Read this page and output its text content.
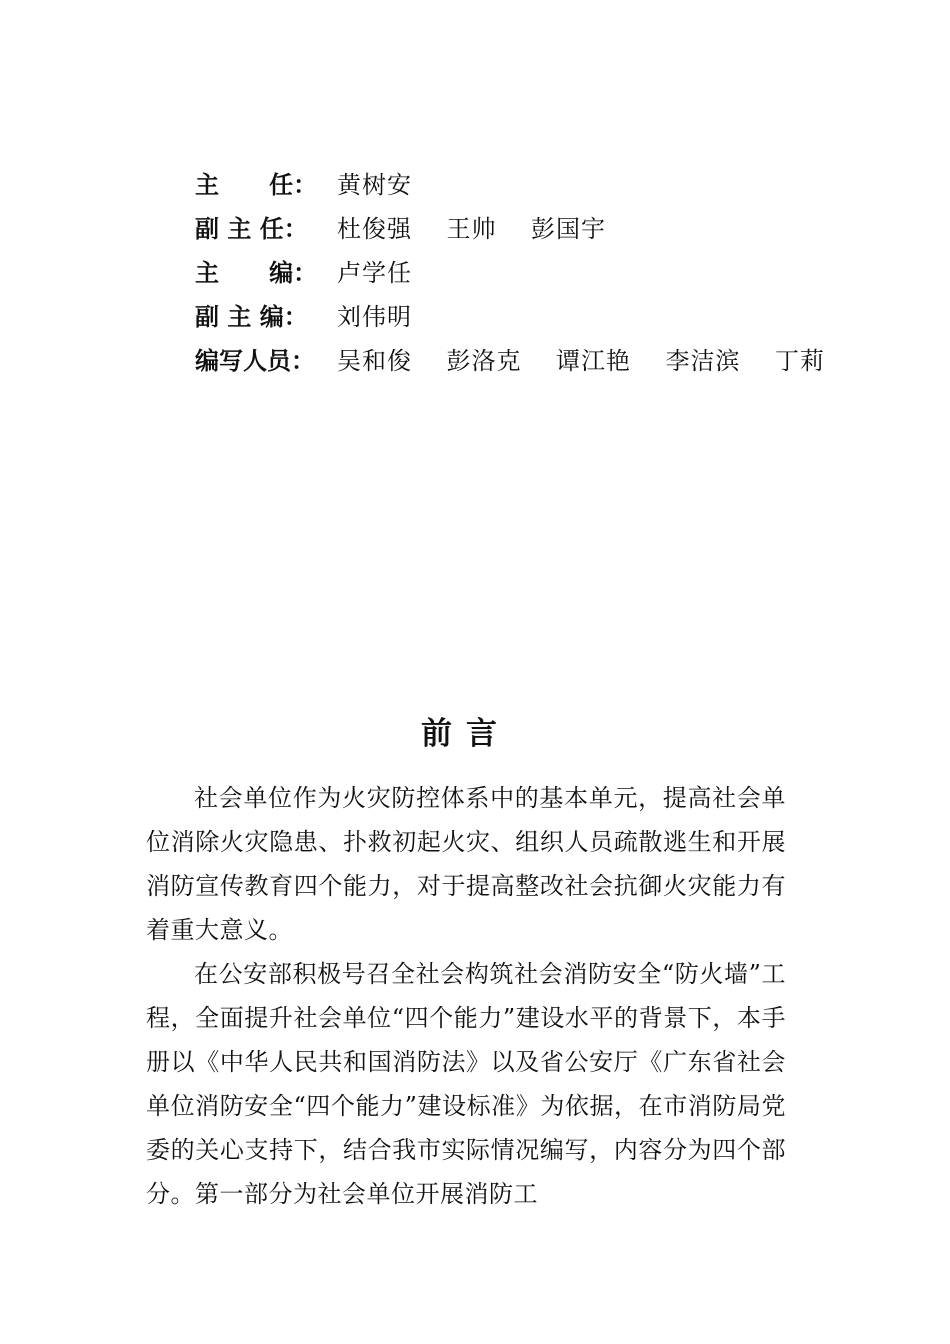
主      任： 黄树安
副 主 任：	杜俊强    王帅    彭国宇
主      编： 卢学任
副 主 编：	刘伟明
编写人员： 吴和俊    彭洛克    谭江艳    李洁滨    丁莉
前言

社会单位作为火灾防控体系中的基本单元，提高社会单位消除火灾隐患、扑救初起火灾、组织人员疏散逃生和开展消防宣传教育四个能力，对于提高整改社会抗御火灾能力有着重大意义。

在公安部积极号召全社会构筑社会消防安全“防火墙”工程，全面提升社会单位“四个能力”建设水平的背景下，本手册以《中华人民共和国消防法》以及省公安厅《广东省社会单位消防安全“四个能力”建设标准》为依据，在市消防局党委的关心支持下，结合我市实际情况编写，内容分为四个部分。第一部分为社会单位开展消防工
